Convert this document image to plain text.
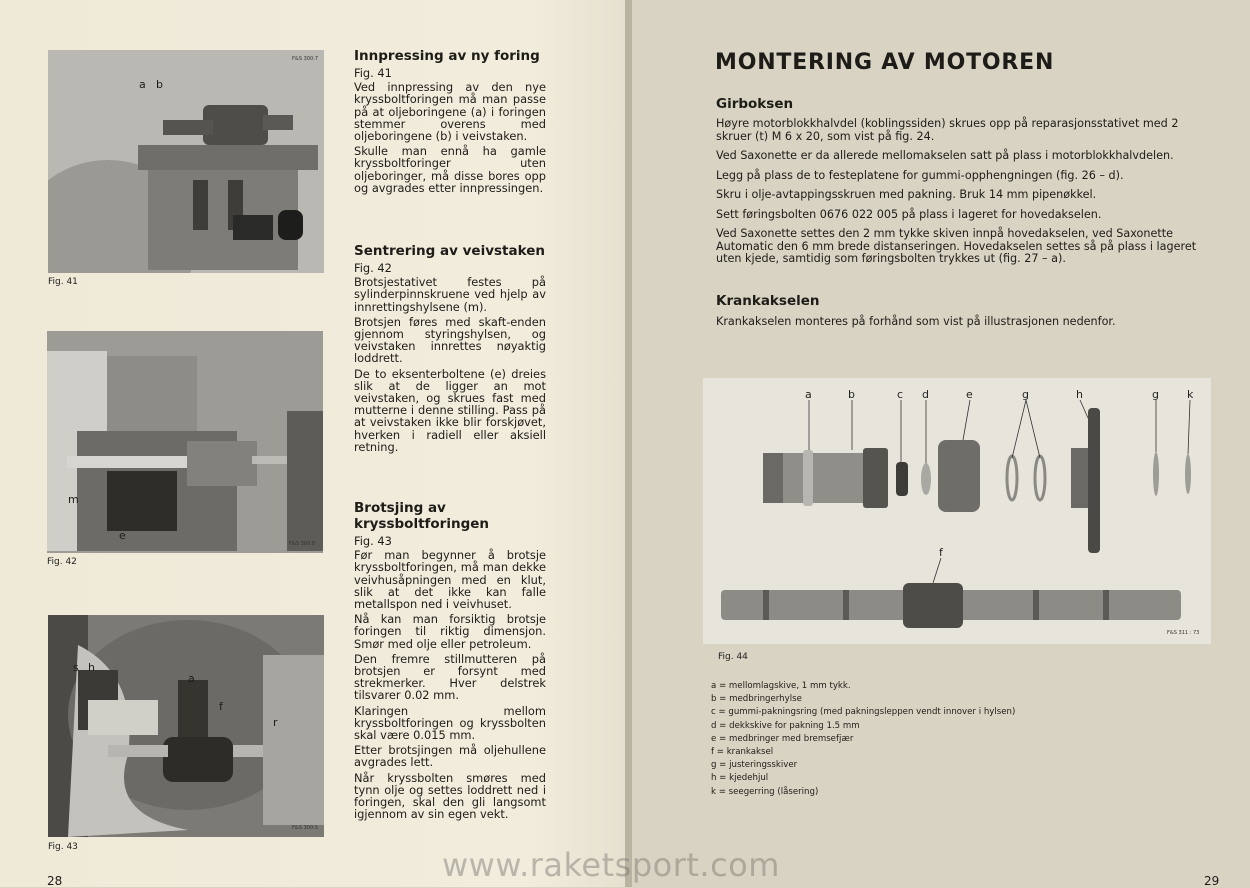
F&S 300:7
a b
Fig. 41
F&S 300:8
m
e
Fig. 42
F&S 300:5
s h
a
f
r
Fig. 43
Innpressing av ny foring
Fig. 41

Ved innpressing av den nye kryssboltforingen må man passe på at oljeboringene (a) i foringen stemmer overens med oljeboringene (b) i veivstaken.

Skulle man ennå ha gamle kryssboltforinger uten oljeboringer, må disse bores opp og avgrades etter innpressingen.

Sentrering av veivstaken
Fig. 42

Brotsjestativet festes på sylinderpinnskruene ved hjelp av innrettingshylsene (m).

Brotsjen føres med skaft-enden gjennom styringshylsen, og veivstaken innrettes nøyaktig loddrett.

De to eksenterboltene (e) dreies slik at de ligger an mot veivstaken, og skrues fast med mutterne i denne stilling. Pass på at veivstaken ikke blir forskjøvet, hverken i radiell eller aksiell retning.

Brotsjing av kryssboltforingen
Fig. 43

Før man begynner å brotsje kryssboltforingen, må man dekke veivhusåpningen med en klut, slik at det ikke kan falle metallspon ned i veivhuset.

Nå kan man forsiktig brotsje foringen til riktig dimensjon. Smør med olje eller petroleum.

Den fremre stillmutteren på brotsjen er forsynt med strekmerker. Hver delstrek tilsvarer 0.02 mm.

Klaringen mellom kryssboltforingen og kryssbolten skal være 0.015 mm.

Etter brotsjingen må oljehullene avgrades lett.

Når kryssbolten smøres med tynn olje og settes loddrett ned i foringen, skal den gli langsomt igjennom av sin egen vekt.

28
MONTERING AV MOTOREN
Girboksen

Høyre motorblokkhalvdel (koblingssiden) skrues opp på reparasjonsstativet med 2 skruer (t) M 6 x 20, som vist på fig. 24.

Ved Saxonette er da allerede mellomakselen satt på plass i motorblokkhalvdelen.

Legg på plass de to festeplatene for gummi-opphengningen (fig. 26 – d).

Skru i olje-avtappingsskruen med pakning. Bruk 14 mm pipenøkkel.

Sett føringsbolten 0676 022 005 på plass i lageret for hovedakselen.

Ved Saxonette settes den 2 mm tykke skiven innpå hovedakselen, ved Saxonette Automatic den 6 mm brede distanseringen. Hovedakselen settes så på plass i lageret uten kjede, samtidig som føringsbolten trykkes ut (fig. 27 – a).

Krankakselen

Krankakselen monteres på forhånd som vist på illustrasjonen nedenfor.

a	b	c d	e	g	h	g	k
f
F&S 311 : 73
Fig. 44
a = mellomlagskive, 1 mm tykk.
b = medbringerhylse
c = gummi-pakningsring (med pakningsleppen vendt innover i hylsen)
d = dekkskive for pakning 1.5 mm
e = medbringer med bremsefjær
f = krankaksel
g = justeringsskiver
h = kjedehjul
k = seegerring (låsering)
29
www.raketsport.com
